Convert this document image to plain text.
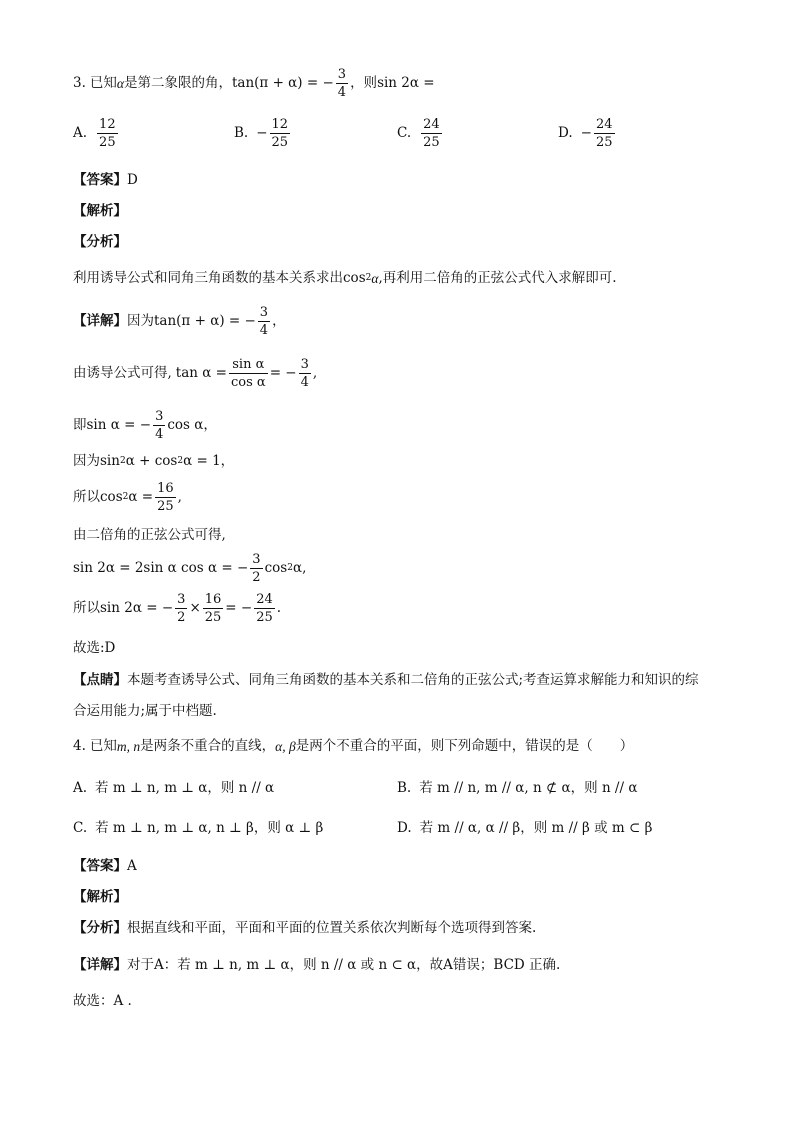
3. 已知 α 是第二象限的角， tan(π + α) = − $\frac{3}{4}$ ，则 sin 2α =
A. $\frac{12}{25}$	B. − $\frac{12}{25}$	C. $\frac{24}{25}$	D. − $\frac{24}{25}$
【答案】 D
【解析】
【分析】
利用诱导公式和同角三角函数的基本关系求出 cos 2 α ,再利用二倍角的正弦公式代入求解即可.
【详解】 因为 tan(π + α) = − $\frac{3}{4}$ ，
由诱导公式可得, $\tan \alpha = \frac{\text{sin α}}{\text{cos α}}$ = − $\frac{3}{4}$ ,
即 sin α = − $\frac{3}{4}$ cos α ，
因为 sin 2 α + cos 2 α = 1 ，
所以 cos 2 $\alpha = \frac{16}{25}$ ,
由二倍角的正弦公式可得,
sin 2α = 2sin α cos α = − $\frac{3}{2}$ cos 2 α ,
所以 sin 2α = − $\frac{3}{2} \times \frac{16}{25}$ = − $\frac{24}{25}$ .
故选:D
【点睛】 本题考查诱导公式、同角三角函数的基本关系和二倍角的正弦公式;考查运算求解能力和知识的综
合运用能力;属于中档题.
4. 已知 m, n 是两条不重合的直线， α, β 是两个不重合的平面，则下列命题中，错误的是（　　）
A. 若 m ⊥ n, m ⊥ α，则 n // α	B. 若 m // n, m // α, n ⊄ α，则 n // α
C. 若 m ⊥ n, m ⊥ α, n ⊥ β，则 α ⊥ β	D. 若 m // α, α // β，则 m // β 或 m ⊂ β
【答案】 A
【解析】
【分析】 根据直线和平面，平面和平面的位置关系依次判断每个选项得到答案.
【详解】 对于A：若 m ⊥ n, m ⊥ α，则 n // α 或 n ⊂ α，故A错误；BCD 正确.
故选：A .
